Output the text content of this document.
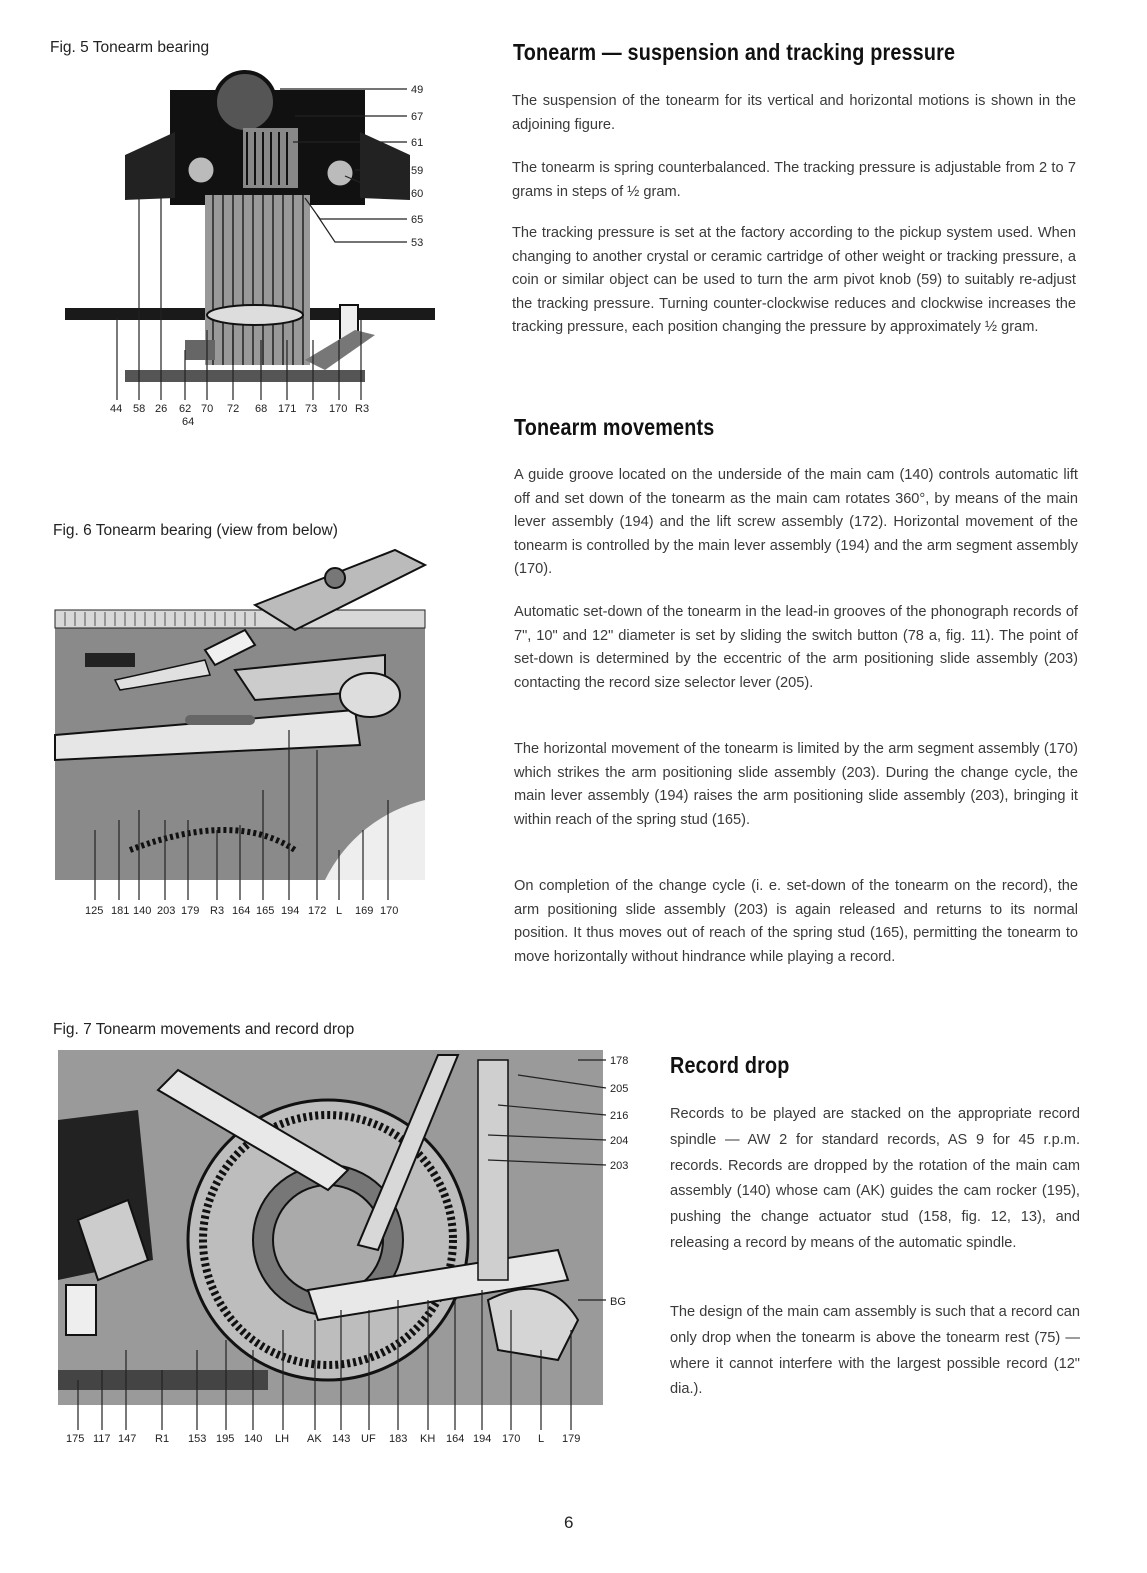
Fig. 5 Tonearm bearing
Fig. 6 Tonearm bearing (view from below)
Fig. 7 Tonearm movements and record drop
49
67
61
59
60
65
53
44 58 26 62 70 72 68 171 73 170 R3
64
125 181 140 203 179 R3 164 165 194 172 L 169 170
178
205
216
204
203
BG
175 117 147 R1 153 195 140 LH AK 143 UF 183 KH 164 194 170 L 179
Tonearm — suspension and tracking pressure

The suspension of the tonearm for its vertical and horizontal motions is shown in the adjoining figure.

The tonearm is spring counterbalanced. The tracking pressure is adjustable from 2 to 7 grams in steps of ½ gram.

The tracking pressure is set at the factory according to the pickup system used. When changing to another crystal or ceramic cartridge of other weight or tracking pressure, a coin or similar object can be used to turn the arm pivot knob (59) to suitably re-adjust the tracking pressure. Turning counter-clockwise reduces and clockwise increases the tracking pressure, each position changing the pressure by approximately ½ gram.

Tonearm movements

A guide groove located on the underside of the main cam (140) controls automatic lift off and set down of the tonearm as the main cam rotates 360°, by means of the main lever assembly (194) and the lift screw assembly (172). Horizontal movement of the tonearm is controlled by the main lever assembly (194) and the arm segment assembly (170).

Automatic set-down of the tonearm in the lead-in grooves of the phonograph records of 7", 10" and 12" diameter is set by sliding the switch button (78 a, fig. 11). The point of set-down is determined by the eccentric of the arm positioning slide assembly (203) contacting the record size selector lever (205).

The horizontal movement of the tonearm is limited by the arm segment assembly (170) which strikes the arm positioning slide assembly (203). During the change cycle, the main lever assembly (194) raises the arm positioning slide assembly (203), bringing it within reach of the spring stud (165).

On completion of the change cycle (i. e. set-down of the tonearm on the record), the arm positioning slide assembly (203) is again released and returns to its normal position. It thus moves out of reach of the spring stud (165), permitting the tonearm to move horizontally without hindrance while playing a record.

Record drop

Records to be played are stacked on the appropriate record spindle — AW 2 for standard records, AS 9 for 45 r.p.m. records. Records are dropped by the rotation of the main cam assembly (140) whose cam (AK) guides the cam rocker (195), pushing the change actuator stud (158, fig. 12, 13), and releasing a record by means of the automatic spindle.

The design of the main cam assembly is such that a record can only drop when the tonearm is above the tonearm rest (75) — where it cannot interfere with the largest possible record (12" dia.).

6
